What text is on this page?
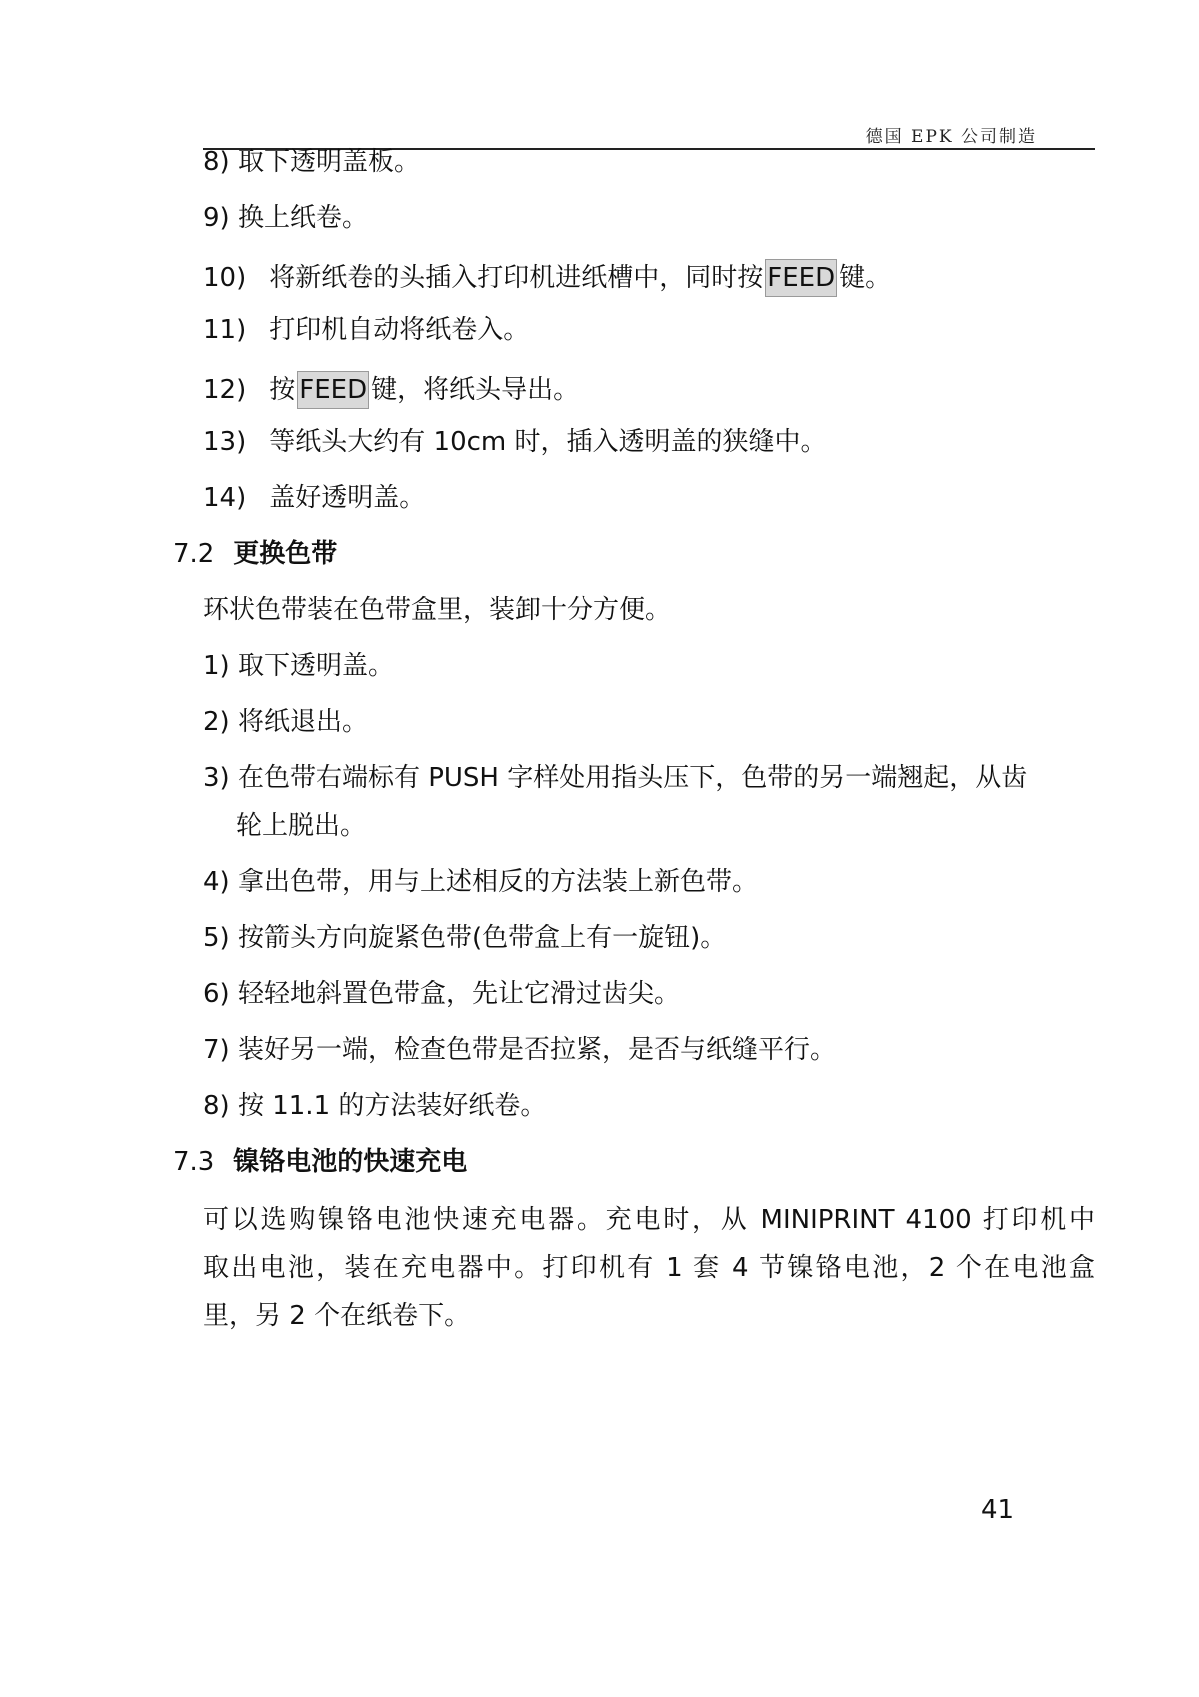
德国 EPK 公司制造
8) 取下透明盖板。
9) 换上纸卷。
10) 将新纸卷的头插入打印机进纸槽中，同时按 FEED 键。
11) 打印机自动将纸卷入。
12) 按 FEED 键，将纸头导出。
13) 等纸头大约有 10cm 时，插入透明盖的狭缝中。
14) 盖好透明盖。
7.2 更换色带
环状色带装在色带盒里，装卸十分方便。
1) 取下透明盖。
2) 将纸退出。
3) 在色带右端标有 PUSH 字样处用指头压下，色带的另一端翘起，从齿
轮上脱出。
4) 拿出色带，用与上述相反的方法装上新色带。
5) 按箭头方向旋紧色带(色带盒上有一旋钮)。
6) 轻轻地斜置色带盒，先让它滑过齿尖。
7) 装好另一端，检查色带是否拉紧，是否与纸缝平行。
8) 按 11.1 的方法装好纸卷。
7.3 镍铬电池的快速充电
可以选购镍铬电池快速充电器。充电时，从 MINIPRINT 4100 打印机中
取出电池，装在充电器中。打印机有 1 套 4 节镍铬电池，2 个在电池盒
里，另 2 个在纸卷下。
41
